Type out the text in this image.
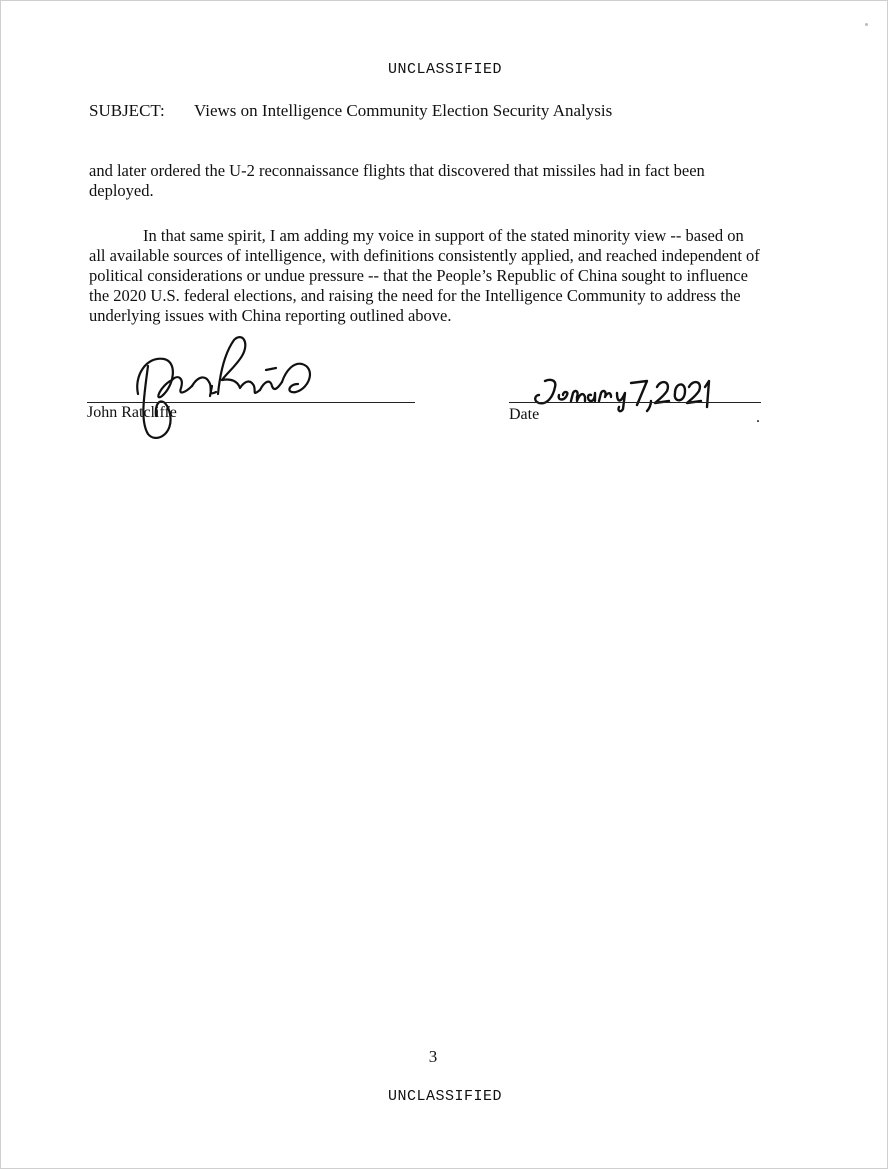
UNCLASSIFIED
SUBJECT: Views on Intelligence Community Election Security Analysis
and later ordered the U-2 reconnaissance flights that discovered that missiles had in fact been deployed.
In that same spirit, I am adding my voice in support of the stated minority view -- based on all available sources of intelligence, with definitions consistently applied, and reached independent of political considerations or undue pressure -- that the People’s Republic of China sought to influence the 2020 U.S. federal elections, and raising the need for the Intelligence Community to address the underlying issues with China reporting outlined above.
John Ratcliffe	Date	.
3
UNCLASSIFIED
